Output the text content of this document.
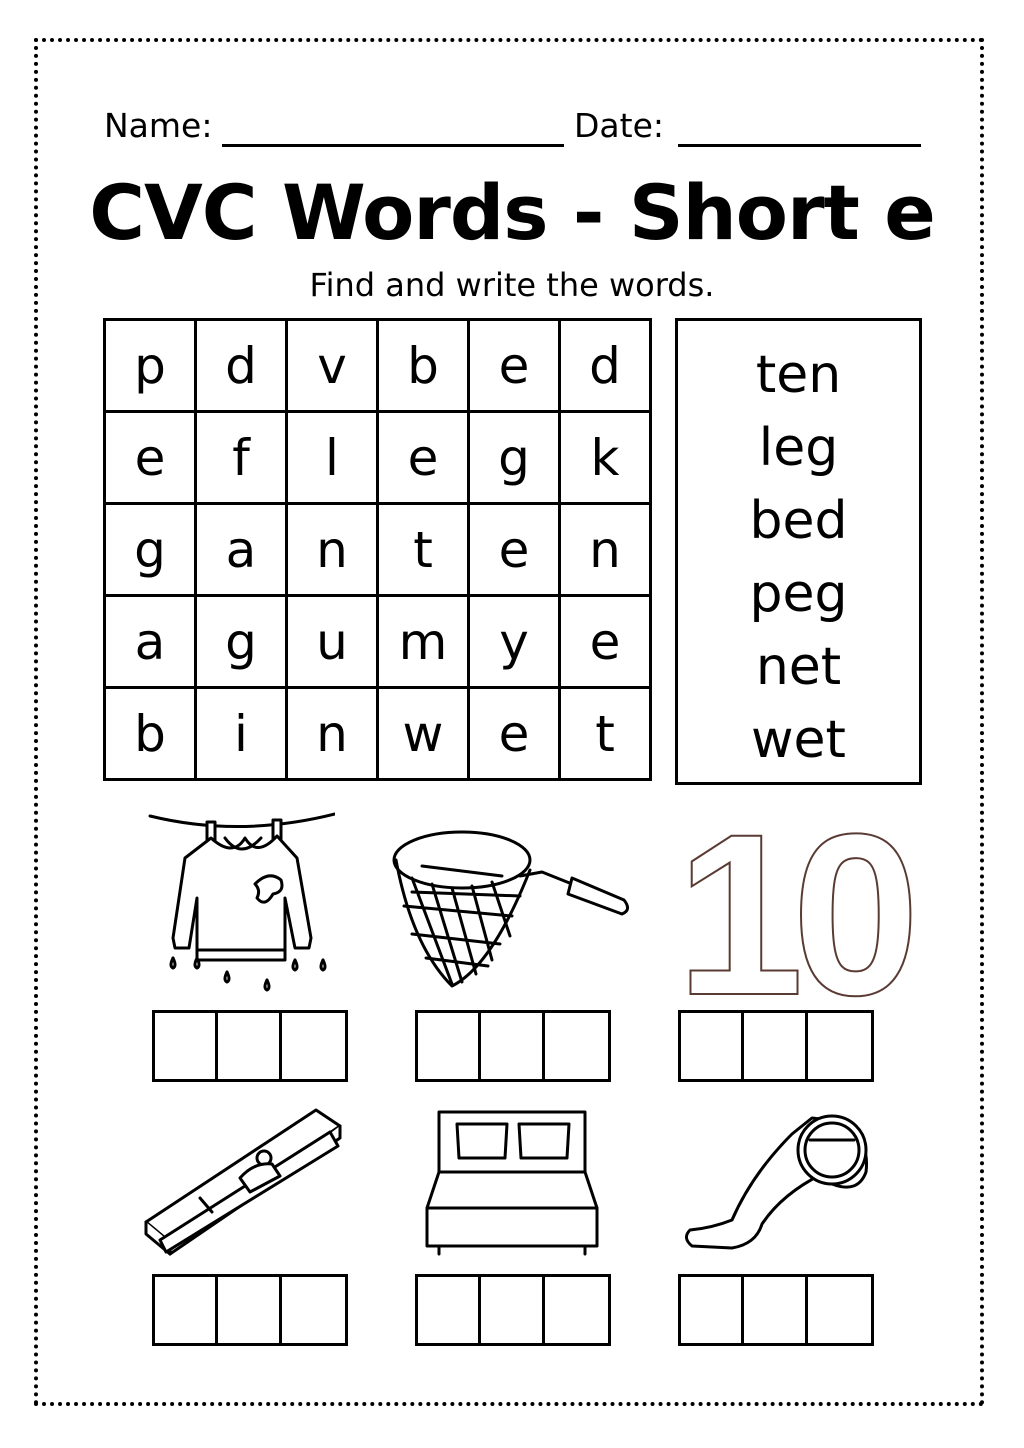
Name:	Date:
CVC Words - Short e
Find and write the words.
p	d	v	b	e	d
e	f	l	e	g	k
g	a	n	t	e	n
a	g	u	m	y	e
b	i	n	w	e	t
ten
leg
bed
peg
net
wet
10
